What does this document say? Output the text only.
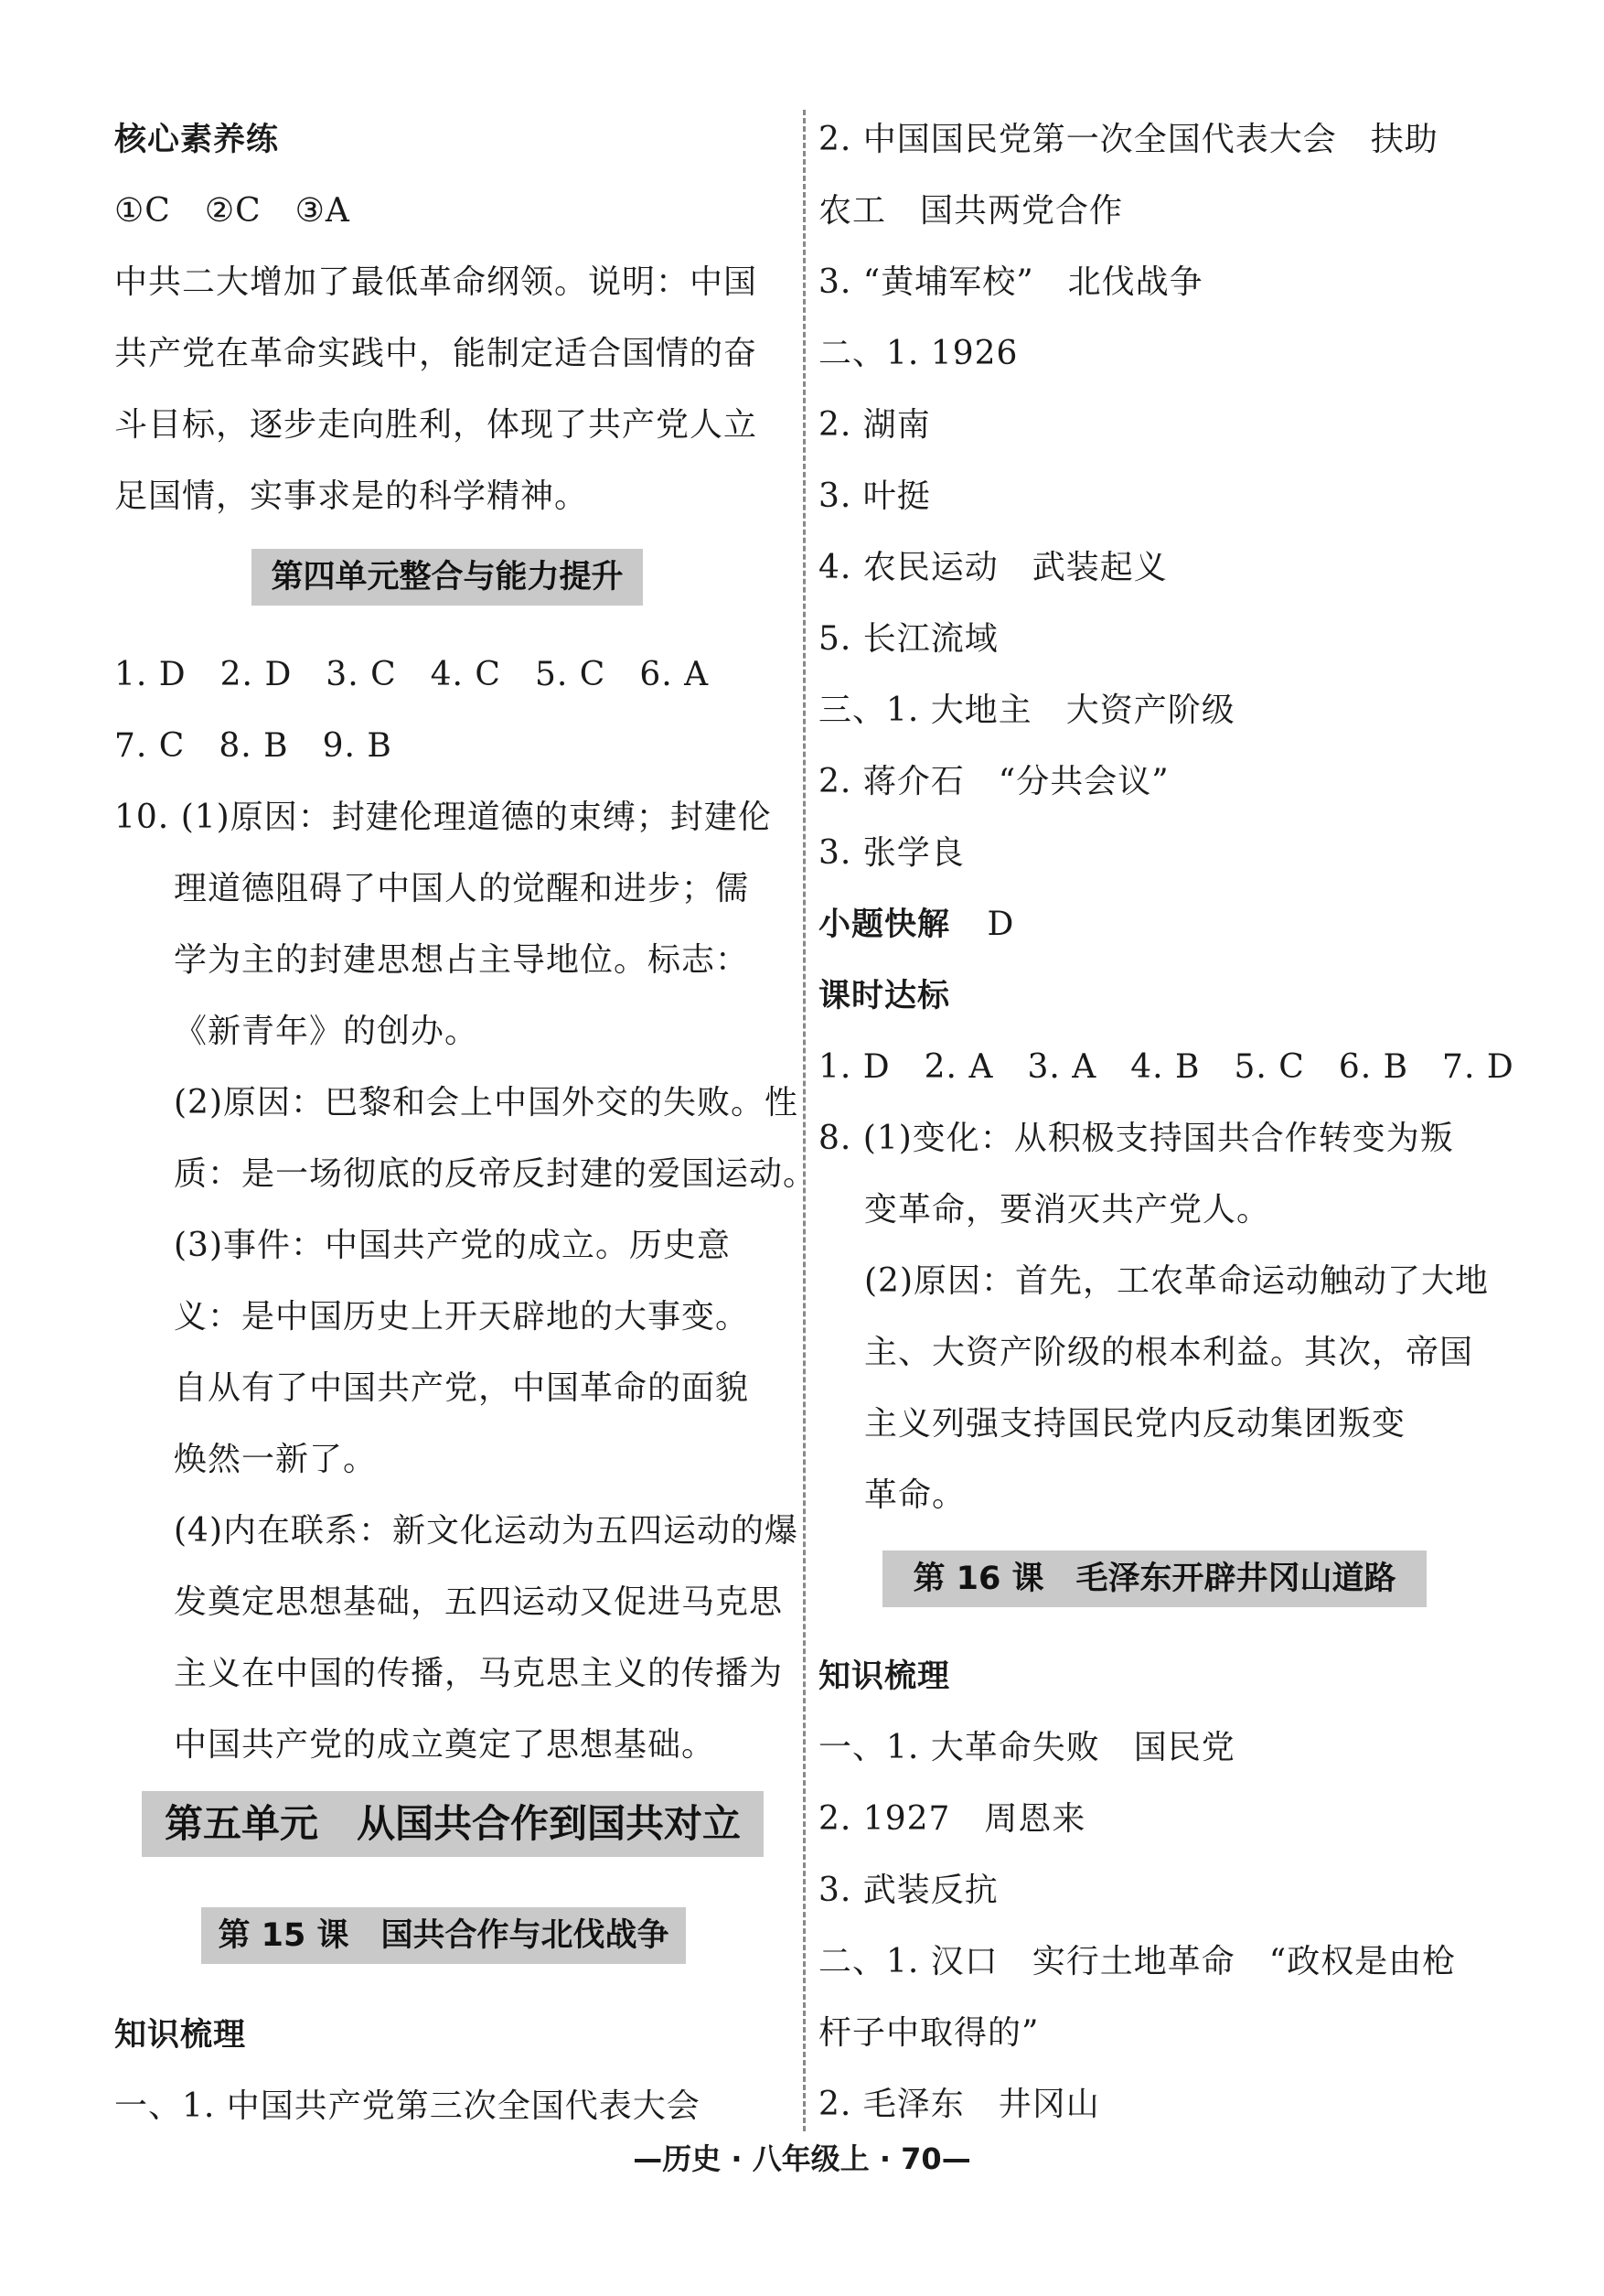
核心素养练
①C　②C　③A
中共二大增加了最低革命纲领。说明：中国
共产党在革命实践中，能制定适合国情的奋
斗目标，逐步走向胜利，体现了共产党人立
足国情，实事求是的科学精神。
第四单元整合与能力提升
1. D　2. D　3. C　4. C　5. C　6. A
7. C　8. B　9. B
10. (1)原因：封建伦理道德的束缚；封建伦
理道德阻碍了中国人的觉醒和进步；儒
学为主的封建思想占主导地位。标志：
《新青年》的创办。
(2)原因：巴黎和会上中国外交的失败。性
质：是一场彻底的反帝反封建的爱国运动。
(3)事件：中国共产党的成立。历史意
义：是中国历史上开天辟地的大事变。
自从有了中国共产党，中国革命的面貌
焕然一新了。
(4)内在联系：新文化运动为五四运动的爆
发奠定思想基础，五四运动又促进马克思
主义在中国的传播，马克思主义的传播为
中国共产党的成立奠定了思想基础。
第五单元　从国共合作到国共对立
第 15 课　国共合作与北伐战争
知识梳理
一、1. 中国共产党第三次全国代表大会
2. 中国国民党第一次全国代表大会　扶助
农工　国共两党合作
3. “黄埔军校”　北伐战争
二、1. 1926
2. 湖南
3. 叶挺
4. 农民运动　武装起义
5. 长江流域
三、1. 大地主　大资产阶级
2. 蒋介石　“分共会议”
3. 张学良
小题快解 D
课时达标
1. D　2. A　3. A　4. B　5. C　6. B　7. D
8. (1)变化：从积极支持国共合作转变为叛
变革命，要消灭共产党人。
(2)原因：首先，工农革命运动触动了大地
主、大资产阶级的根本利益。其次，帝国
主义列强支持国民党内反动集团叛变
革命。
第 16 课　毛泽东开辟井冈山道路
知识梳理
一、1. 大革命失败　国民党
2. 1927　周恩来
3. 武装反抗
二、1. 汉口　实行土地革命　“政权是由枪
杆子中取得的”
2. 毛泽东　井冈山
—历史 · 八年级上 · 70—
